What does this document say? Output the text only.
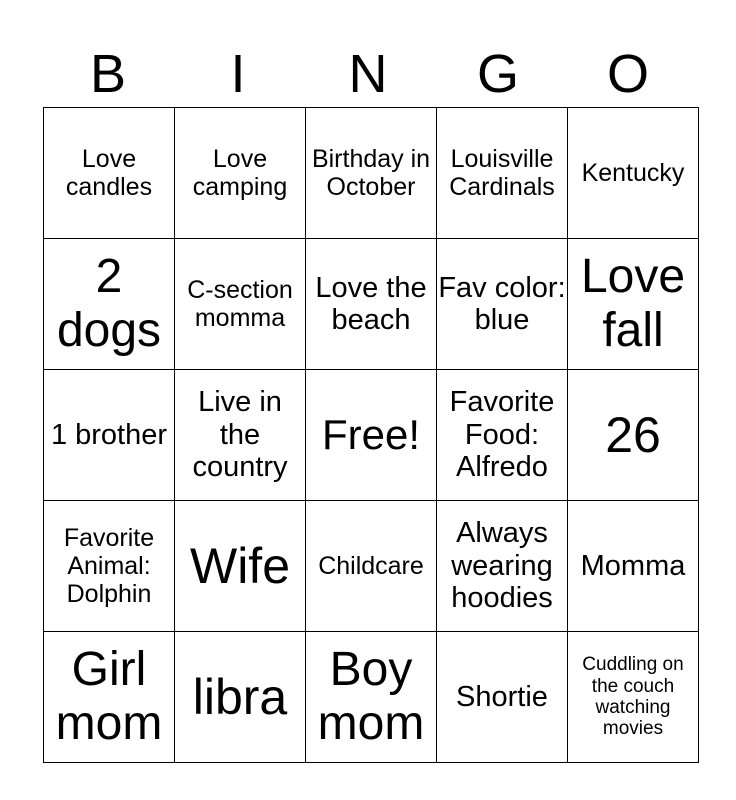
B	I	N	G	O
Love candles	Love camping	Birthday in October	Louisville Cardinals	Kentucky
2 dogs	C-section momma	Love the beach	Fav color: blue	Love fall
1 brother	Live in the country	Free!	Favorite Food: Alfredo	26
Favorite Animal: Dolphin	Wife	Childcare	Always wearing hoodies	Momma
Girl mom	libra	Boy mom	Shortie	Cuddling on the couch watching movies
